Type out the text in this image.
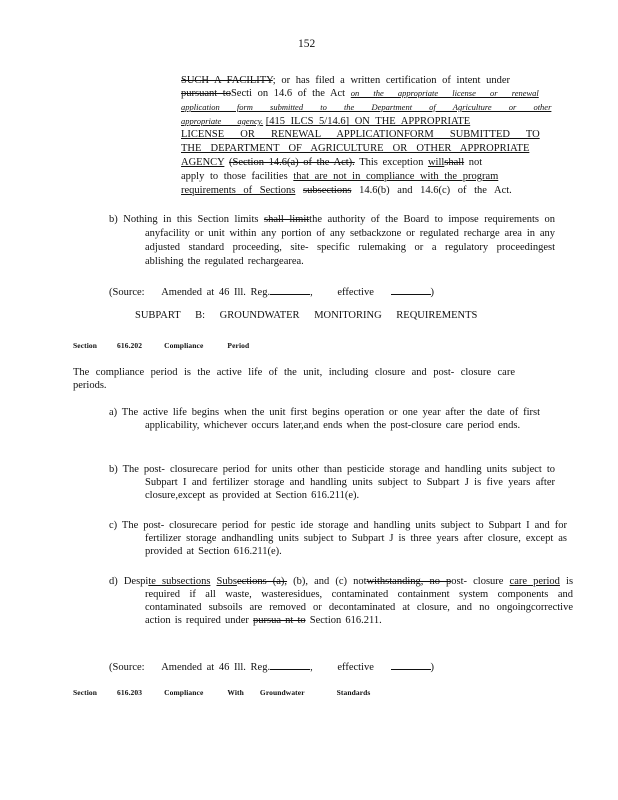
152
SUCH A FACILITY; or has filed a written certification of intent under
pursuant toSecti on 14.6 of the Act on the appropriate license or renewal
application form submitted to the Department of Agriculture or other
appropriate agency. [415 ILCS 5/14.6] ON THE APPROPRIATE
LICENSE OR RENEWAL APPLICATIONFORM SUBMITTED TO
THE DEPARTMENT OF AGRICULTURE OR OTHER APPROPRIATE
AGENCY (Section 14.6(a) of the Act). This exception willshall not
apply to those facilities that are not in compliance with the program
requirements of Sections subsections 14.6(b) and 14.6(c) of the Act.
b) Nothing in this Section limits shall limitthe authority of the Board to impose requirements on anyfacility or unit within any portion of any setbackzone or regulated recharge area in any adjusted standard proceeding, site- specific rulemaking or a regulatory proceedingest ablishing the regulated rechargearea.
(Source: Amended at 46 Ill. Reg.	, effective	)
SUBPART B: GROUNDWATER MONITORING REQUIREMENTS
Section	616.202	Compliance	Period
The compliance period is the active life of the unit, including closure and post- closure care periods.
a) The active life begins when the unit first begins operation or one year after the date of first applicability, whichever occurs later,and ends when the post-closure care period ends.
b) The post- closurecare period for units other than pesticide storage and handling units subject to Subpart I and fertilizer storage and handling units subject to Subpart J is five years after closure,except as provided at Section 616.211(e).
c) The post- closurecare period for pestic ide storage and handling units subject to Subpart I and for fertilizer storage andhandling units subject to Subpart J is three years after closure, except as provided at Section 616.211(e).
d) Despite subsections Subsections (a), (b), and (c) notwithstanding, no post- closure care period is required if all waste, wasteresidues, contaminated containment system components and contaminated subsoils are removed or decontaminated at closure, and no ongoingcorrective action is required under pursua nt to Section 616.211.
(Source: Amended at 46 Ill. Reg.	, effective	)
Section	616.203	Compliance	With Groundwater	Standards
